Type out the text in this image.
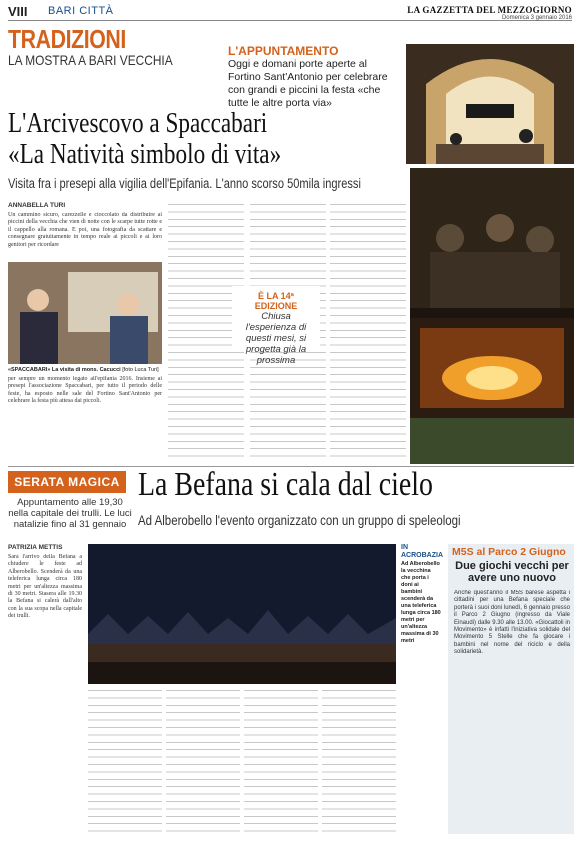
VIII BARI CITTÀ	LA GAZZETTA DEL MEZZOGIORNO
Domenica 3 gennaio 2016
TRADIZIONI
LA MOSTRA A BARI VECCHIA
L'APPUNTAMENTO
Oggi e domani porte aperte al Fortino Sant'Antonio per celebrare con grandi e piccini la festa «che tutte le altre porta via»
L'Arcivescovo a Spaccabari
«La Natività simbolo di vita»
Visita fra i presepi alla vigilia dell'Epifania. L'anno scorso 50mila ingressi
«SPACCABARI» La visita di mons. Cacucci [foto Luca Turi]
ANNABELLA TURI
Un cammino sicuro, carezzelle e cioccolato da distribuire ai piccini della vecchia che vien di notte con le scarpe tutte rotte e il cappello alla romana. E poi, una fotografia da scattare e consegnare gratuitamente in tempo reale ai piccoli e ai loro genitori per ricordare
per sempre un momento legato all'epifania 2016. Insieme ai presepi l'associazione Spaccabari, per tutto il periodo delle feste, ha esposto nelle sale del Fortino Sant'Antonio per celebrare la festa più attesa dai piccoli.
È LA 14ª EDIZIONE
Chiusa l'esperienza di questi mesi, si progetta già la prossima
SERATA MAGICA
Appuntamento alle 19,30 nella capitale dei trulli. Le luci natalizie fino al 31 gennaio
La Befana si cala dal cielo
Ad Alberobello l'evento organizzato con un gruppo di speleologi
PATRIZIA METTIS
Sarà l'arrivo della Befana a chiudere le feste ad Alberobello. Scenderà da una teleferica lunga circa 180 metri per un'altezza massima di 30 metri. Stasera alle 19.30 la Befana si calerà dall'alto con la sua scopa nella capitale dei trulli.
IN ACROBAZIA
Ad Alberobello la vecchina che porta i doni ai bambini scenderà da una teleferica lunga circa 180 metri per un'altezza massima di 30 metri
M5S al Parco 2 Giugno
Due giochi vecchi per avere uno nuovo
Anche quest'anno il M5S barese aspetta i cittadini per una Befana speciale che porterà i suoi doni lunedì, 6 gennaio presso il Parco 2 Giugno (ingresso da Viale Einaudi) dalle 9.30 alle 13.00. «Giocattoli in Movimento» è infatti l'iniziativa solidale del Movimento 5 Stelle che fa giocare i bambini nel nome del riciclo e della solidarietà.
